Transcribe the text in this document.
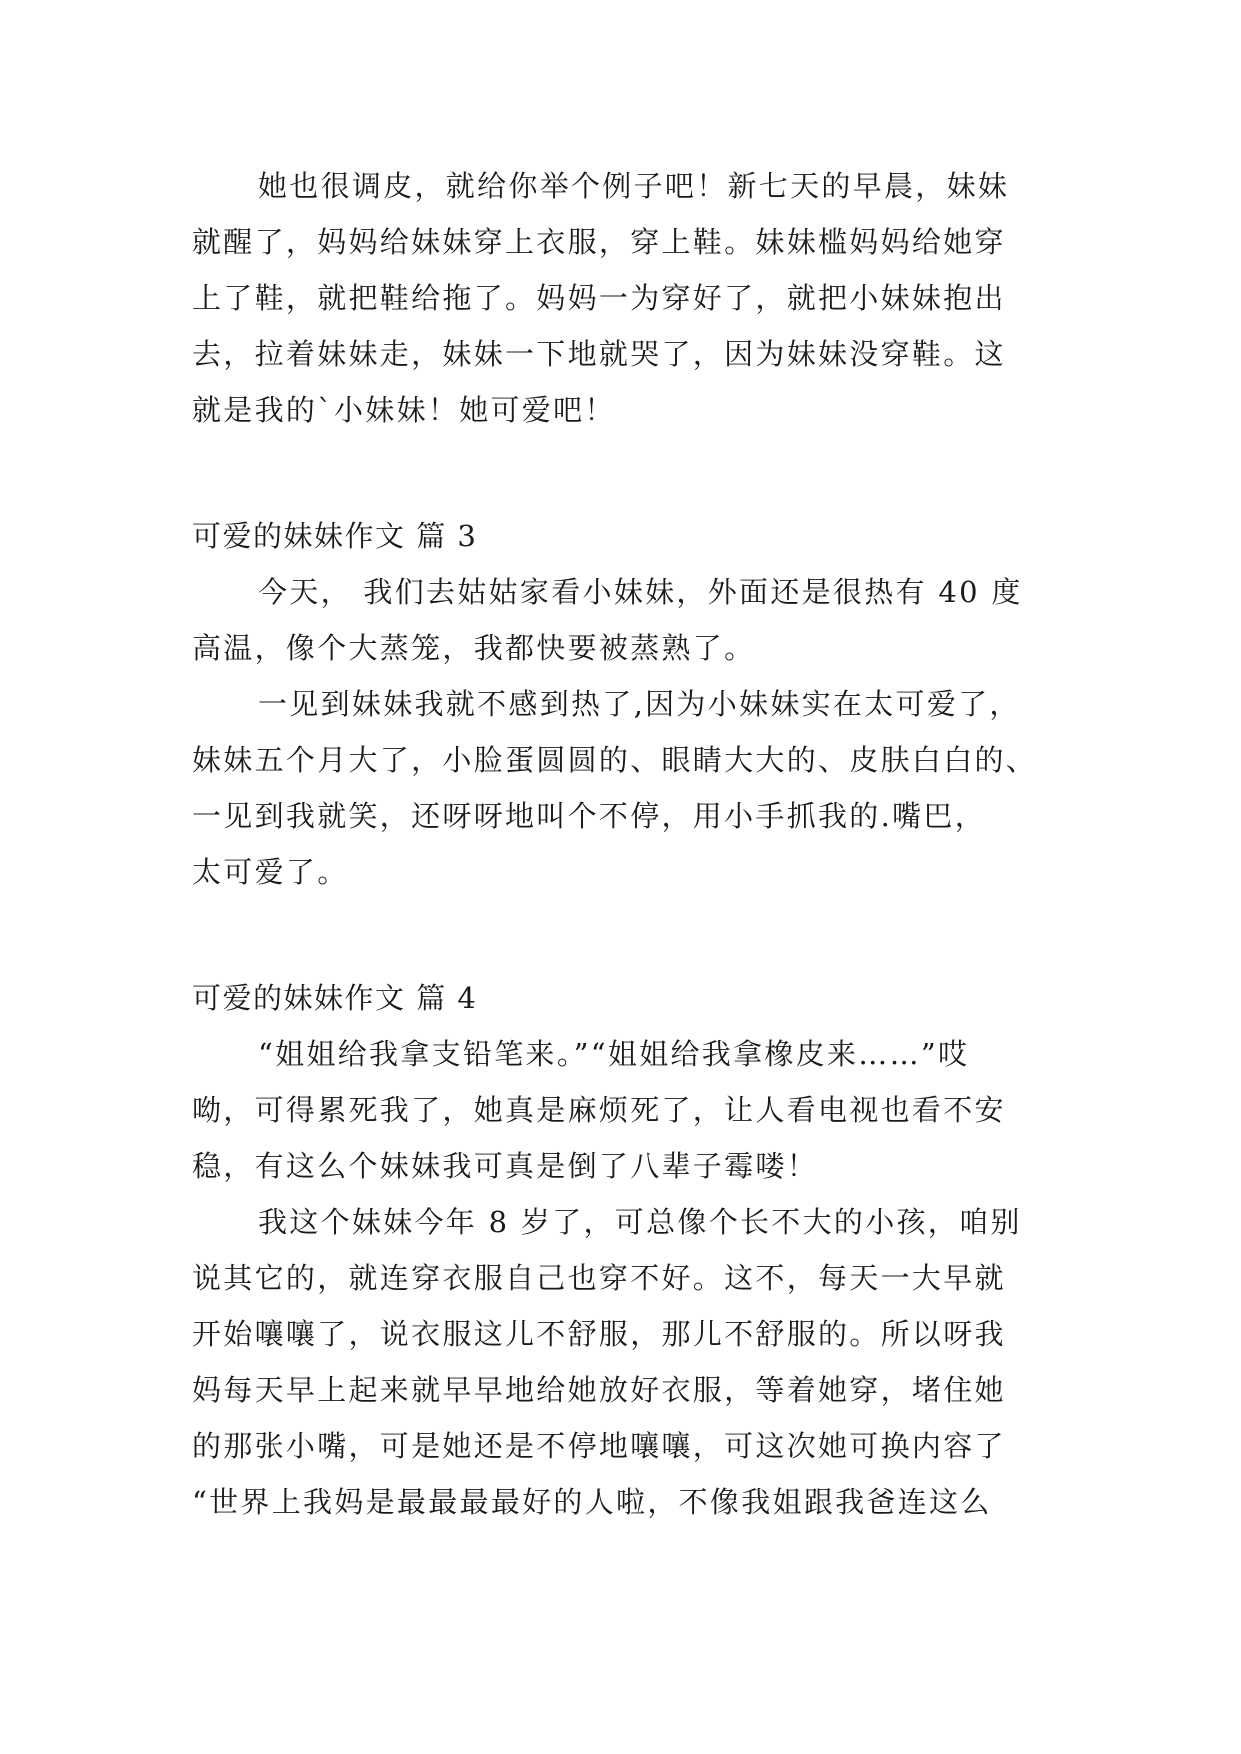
她也很调皮，就给你举个例子吧！新七天的早晨，妹妹
就醒了，妈妈给妹妹穿上衣服，穿上鞋。妹妹槛妈妈给她穿
上了鞋，就把鞋给拖了。妈妈一为穿好了，就把小妹妹抱出
去，拉着妹妹走，妹妹一下地就哭了，因为妹妹没穿鞋。这
就是我的`小妹妹！她可爱吧！
可爱的妹妹作文 篇 3
今天， 我们去姑姑家看小妹妹，外面还是很热有 40 度
高温，像个大蒸笼，我都快要被蒸熟了。
一见到妹妹我就不感到热了,因为小妹妹实在太可爱了，
妹妹五个月大了，小脸蛋圆圆的、眼睛大大的、皮肤白白的、
一见到我就笑，还呀呀地叫个不停，用小手抓我的.嘴巴，
太可爱了。
可爱的妹妹作文 篇 4
“姐姐给我拿支铅笔来。”“姐姐给我拿橡皮来……”哎
呦，可得累死我了，她真是麻烦死了，让人看电视也看不安
稳，有这么个妹妹我可真是倒了八辈子霉喽！
我这个妹妹今年 8 岁了，可总像个长不大的小孩，咱别
说其它的，就连穿衣服自己也穿不好。这不，每天一大早就
开始嚷嚷了，说衣服这儿不舒服，那儿不舒服的。所以呀我
妈每天早上起来就早早地给她放好衣服，等着她穿，堵住她
的那张小嘴，可是她还是不停地嚷嚷，可这次她可换内容了
“世界上我妈是最最最最好的人啦，不像我姐跟我爸连这么
